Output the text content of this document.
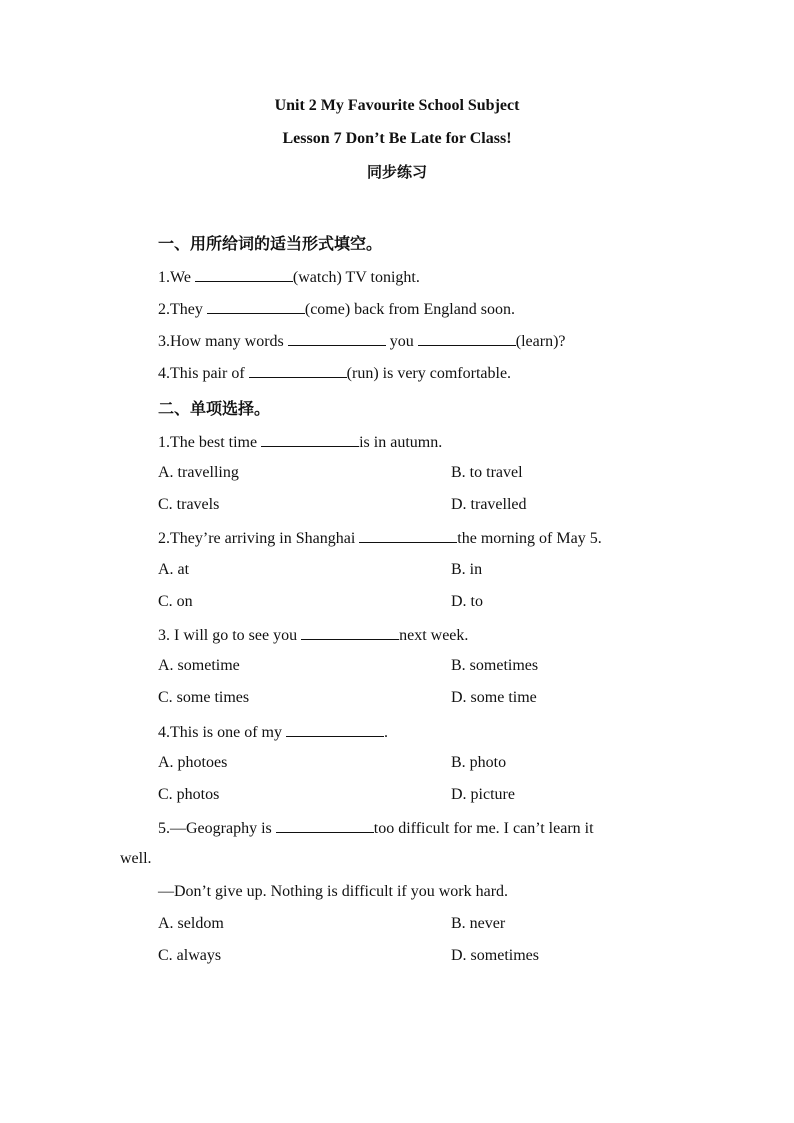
Unit 2 My Favourite School Subject
Lesson 7 Don’t Be Late for Class!
同步练习
一、用所给词的适当形式填空。
1.We	(watch) TV tonight.
2.They	(come) back from England soon.
3.How many words	you	(learn)?
4.This pair of	(run) is very comfortable.
二、单项选择。
1.The best time	is in autumn.
A. travelling	B. to travel
C. travels	D. travelled
2.They’re arriving in Shanghai	the morning of May 5.
A. at	B. in
C. on	D. to
3. I will go to see you	next week.
A. sometime	B. sometimes
C. some times	D. some time
4.This is one of my	.
A. photoes	B. photo
C. photos	D. picture
5.—Geography is	too difficult for me. I can’t learn it
well.
—Don’t give up. Nothing is difficult if you work hard.
A. seldom	B. never
C. always	D. sometimes
